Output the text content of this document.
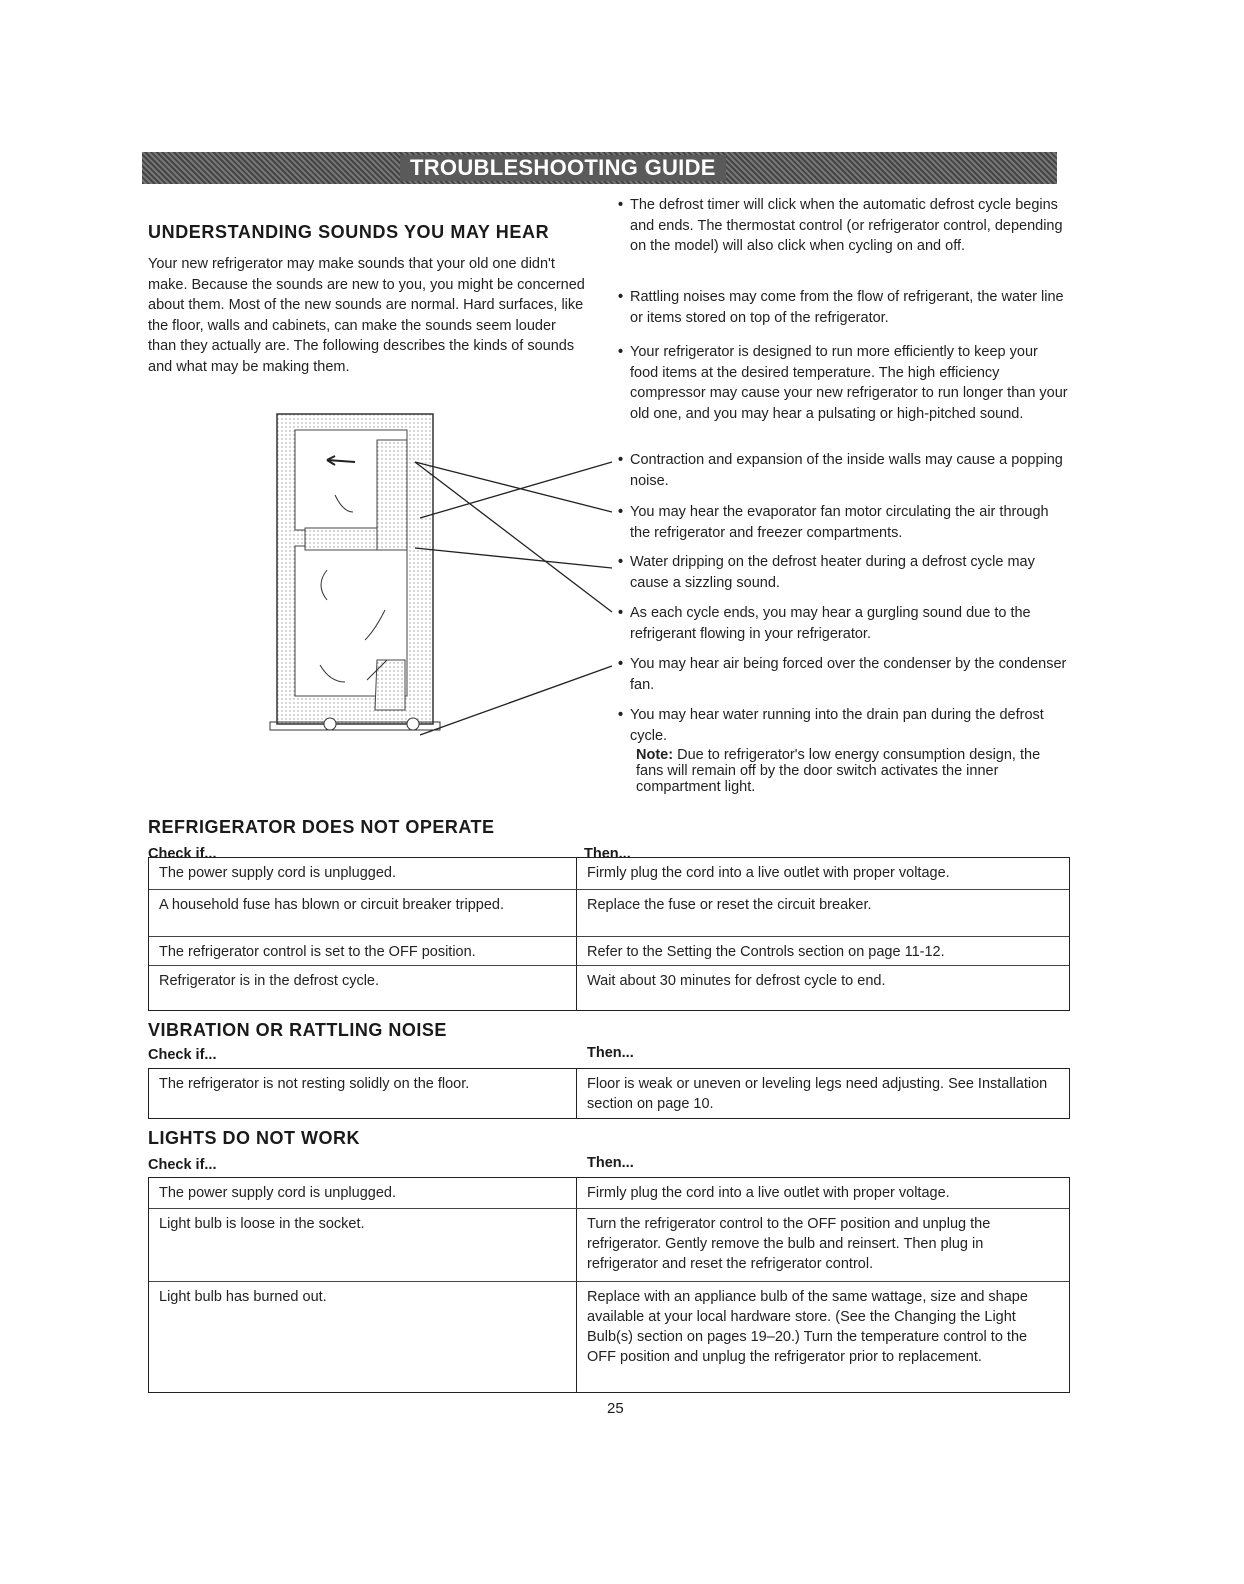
TROUBLESHOOTING GUIDE
UNDERSTANDING SOUNDS YOU MAY HEAR

Your new refrigerator may make sounds that your old one didn't make. Because the sounds are new to you, you might be concerned about them. Most of the new sounds are normal. Hard surfaces, like the floor, walls and cabinets, can make the sounds seem louder than they actually are. The following describes the kinds of sounds and what may be making them.

• The defrost timer will click when the automatic defrost cycle begins and ends. The thermostat control (or refrigerator control, depending on the model) will also click when cycling on and off.
• Rattling noises may come from the flow of refrigerant, the water line or items stored on top of the refrigerator.
• Your refrigerator is designed to run more efficiently to keep your food items at the desired temperature. The high efficiency compressor may cause your new refrigerator to run longer than your old one, and you may hear a pulsating or high-pitched sound.
• Contraction and expansion of the inside walls may cause a popping noise.
• You may hear the evaporator fan motor circulating the air through the refrigerator and freezer compartments.
• Water dripping on the defrost heater during a defrost cycle may cause a sizzling sound.
• As each cycle ends, you may hear a gurgling sound due to the refrigerant flowing in your refrigerator.
• You may hear air being forced over the condenser by the condenser fan.
• You may hear water running into the drain pan during the defrost cycle.
Note: Due to refrigerator's low energy consumption design, the fans will remain off by the door switch activates the inner compartment light.
REFRIGERATOR DOES NOT OPERATE
Check if...	Then...
The power supply cord is unplugged.	Firmly plug the cord into a live outlet with proper voltage.
A household fuse has blown or circuit breaker tripped.	Replace the fuse or reset the circuit breaker.
The refrigerator control is set to the OFF position.	Refer to the Setting the Controls section on page 11-12.
Refrigerator is in the defrost cycle.	Wait about 30 minutes for defrost cycle to end.
VIBRATION OR RATTLING NOISE
Check if...	Then...
The refrigerator is not resting solidly on the floor.	Floor is weak or uneven or leveling legs need adjusting. See Installation section on page 10.
LIGHTS DO NOT WORK
Check if...	Then...
The power supply cord is unplugged.	Firmly plug the cord into a live outlet with proper voltage.
Light bulb is loose in the socket.	Turn the refrigerator control to the OFF position and unplug the refrigerator. Gently remove the bulb and reinsert. Then plug in refrigerator and reset the refrigerator control.
Light bulb has burned out.	Replace with an appliance bulb of the same wattage, size and shape available at your local hardware store. (See the Changing the Light Bulb(s) section on pages 19–20.) Turn the temperature control to the OFF position and unplug the refrigerator prior to replacement.
25
